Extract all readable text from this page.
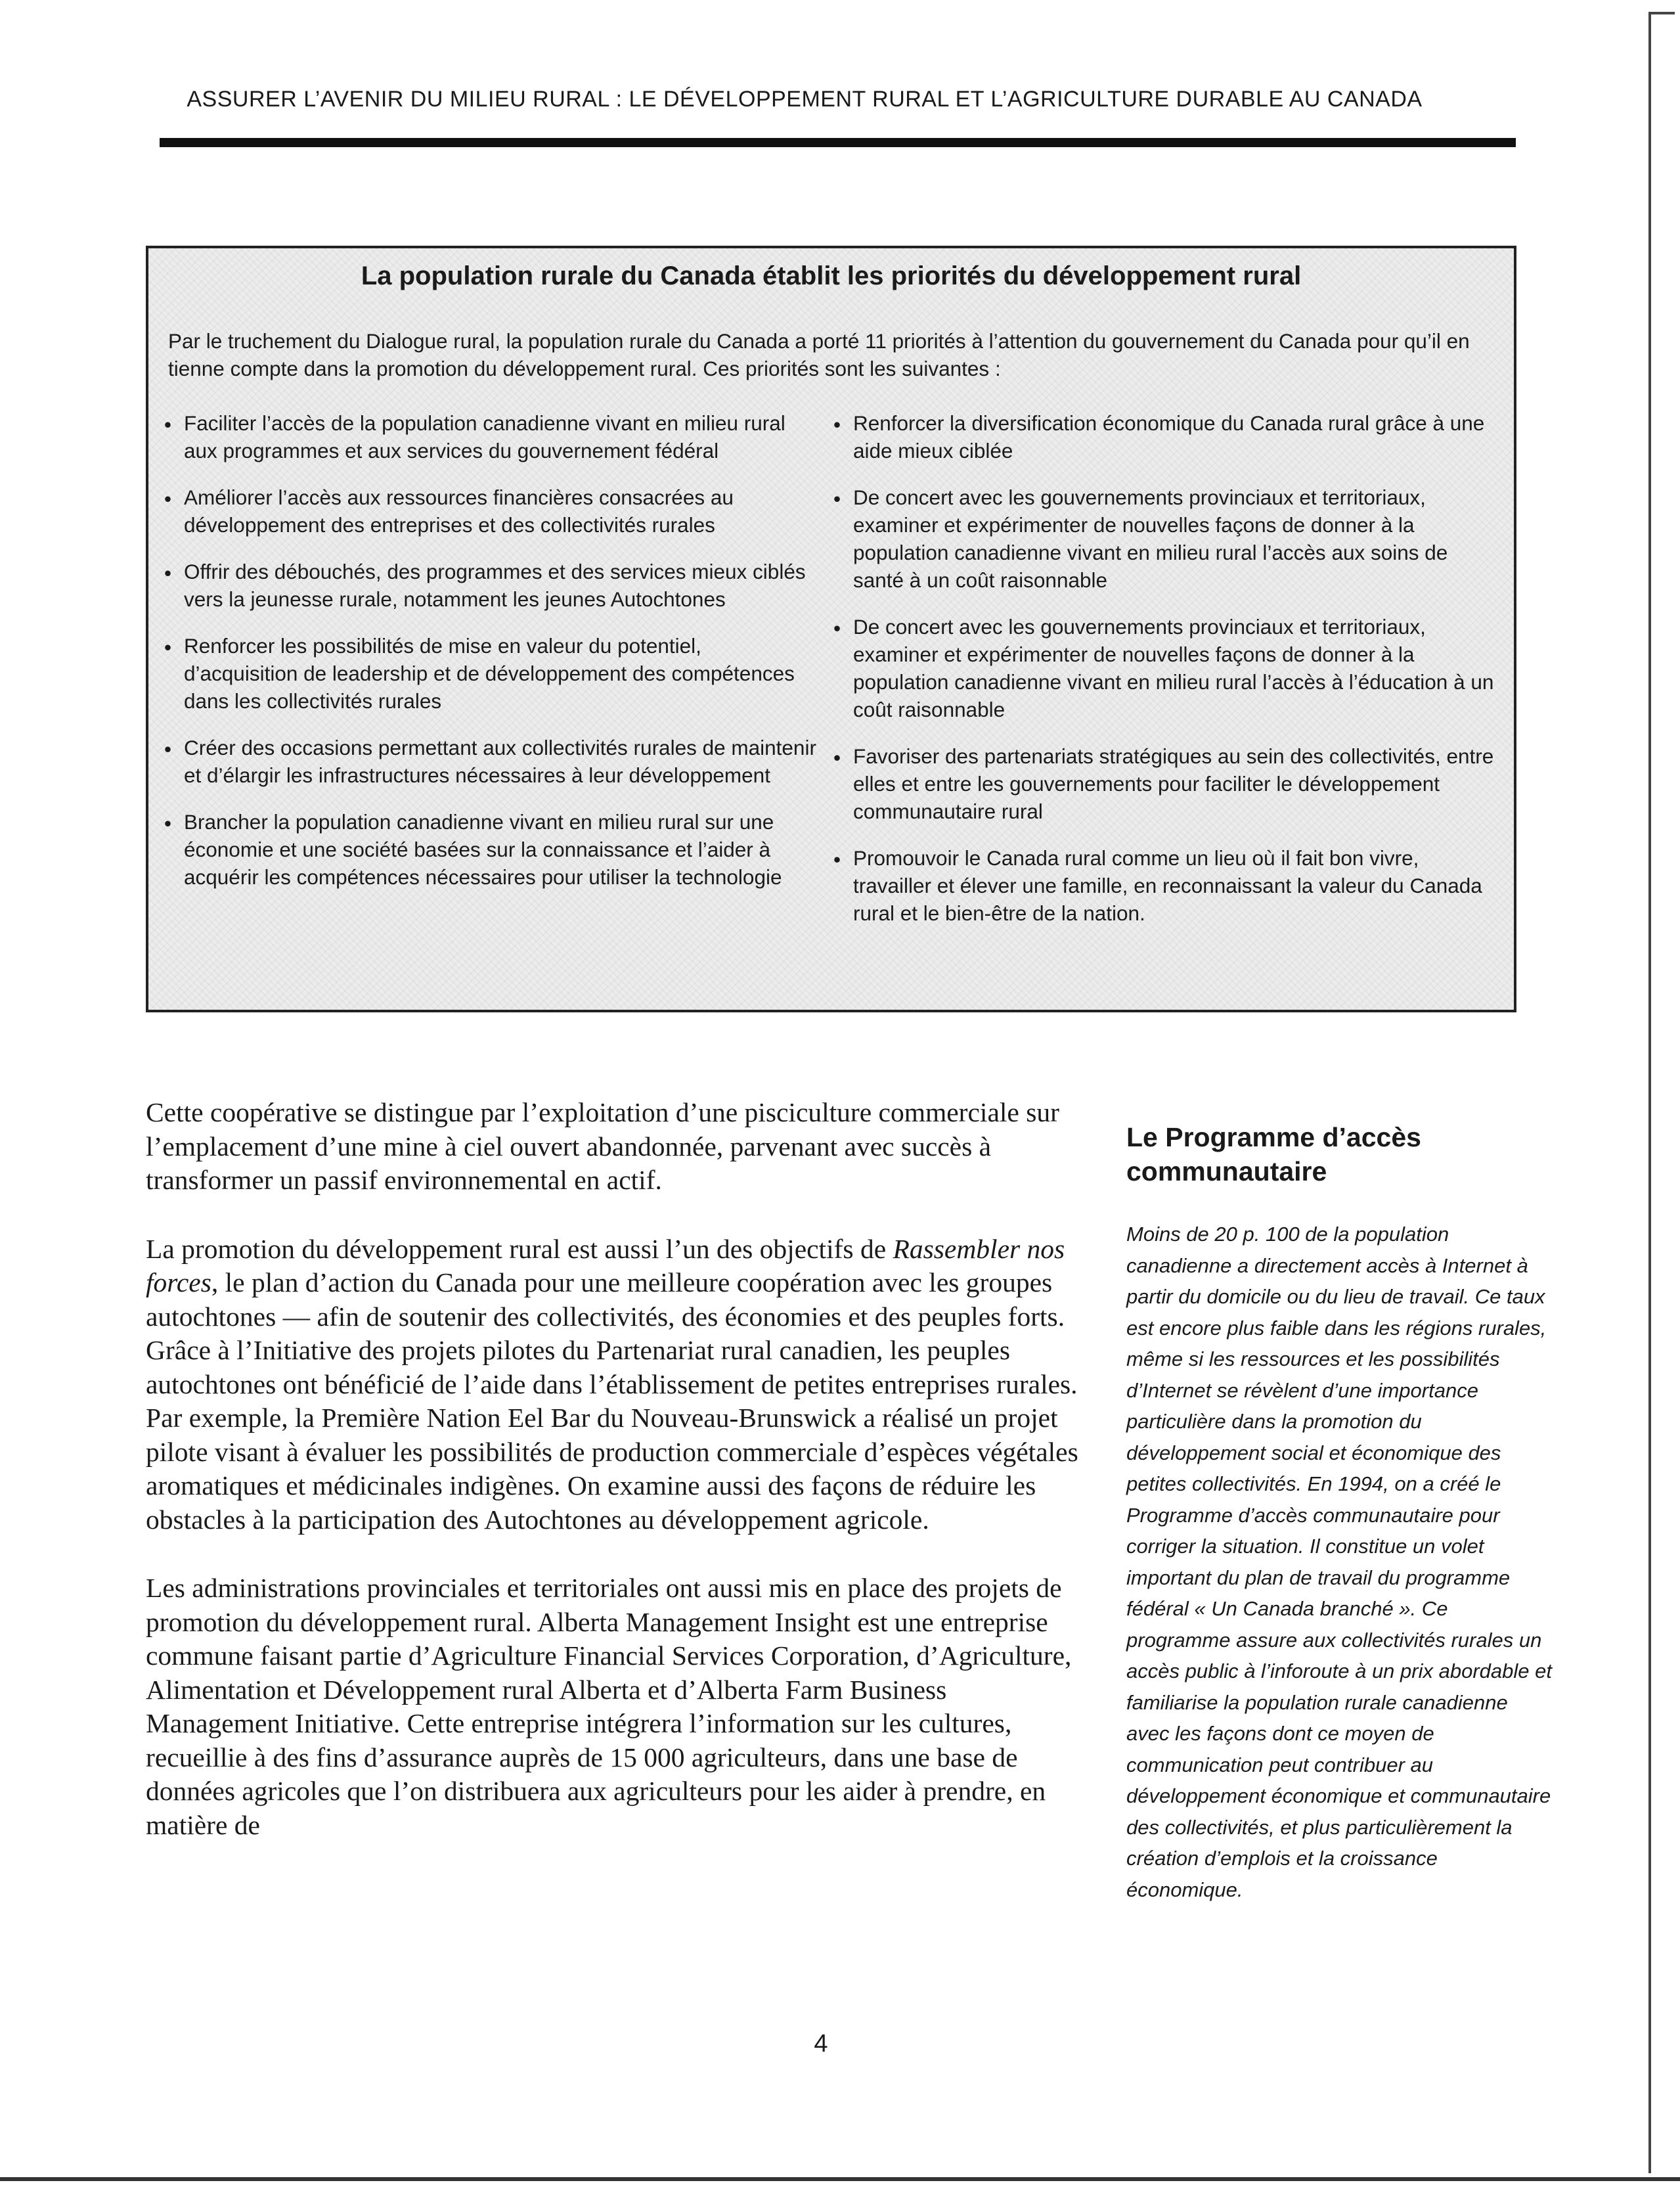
ASSURER L’AVENIR DU MILIEU RURAL : LE DÉVELOPPEMENT RURAL ET L’AGRICULTURE DURABLE AU CANADA
La population rurale du Canada établit les priorités du développement rural
Par le truchement du Dialogue rural, la population rurale du Canada a porté 11 priorités à l’attention du gouvernement du Canada pour qu’il en tienne compte dans la promotion du développement rural. Ces priorités sont les suivantes :
• Faciliter l’accès de la population canadienne vivant en milieu rural aux programmes et aux services du gouvernement fédéral
• Améliorer l’accès aux ressources financières consacrées au développement des entreprises et des collectivités rurales
• Offrir des débouchés, des programmes et des services mieux ciblés vers la jeunesse rurale, notamment les jeunes Autochtones
• Renforcer les possibilités de mise en valeur du potentiel, d’acquisition de leadership et de développement des compétences dans les collectivités rurales
• Créer des occasions permettant aux collectivités rurales de maintenir et d’élargir les infrastructures nécessaires à leur développement
• Brancher la population canadienne vivant en milieu rural sur une économie et une société basées sur la connaissance et l’aider à acquérir les compétences nécessaires pour utiliser la technologie
• Renforcer la diversification économique du Canada rural grâce à une aide mieux ciblée
• De concert avec les gouvernements provinciaux et territoriaux, examiner et expérimenter de nouvelles façons de donner à la population canadienne vivant en milieu rural l’accès aux soins de santé à un coût raisonnable
• De concert avec les gouvernements provinciaux et territoriaux, examiner et expérimenter de nouvelles façons de donner à la population canadienne vivant en milieu rural l’accès à l’éducation à un coût raisonnable
• Favoriser des partenariats stratégiques au sein des collectivités, entre elles et entre les gouvernements pour faciliter le développement communautaire rural
• Promouvoir le Canada rural comme un lieu où il fait bon vivre, travailler et élever une famille, en reconnaissant la valeur du Canada rural et le bien-être de la nation.

Cette coopérative se distingue par l’exploitation d’une pisciculture commerciale sur l’emplacement d’une mine à ciel ouvert abandonnée, parvenant avec succès à transformer un passif environnemental en actif.

La promotion du développement rural est aussi l’un des objectifs de Rassembler nos forces, le plan d’action du Canada pour une meilleure coopération avec les groupes autochtones — afin de soutenir des collectivités, des économies et des peuples forts. Grâce à l’Initiative des projets pilotes du Partenariat rural canadien, les peuples autochtones ont bénéficié de l’aide dans l’établissement de petites entreprises rurales. Par exemple, la Première Nation Eel Bar du Nouveau-Brunswick a réalisé un projet pilote visant à évaluer les possibilités de production commerciale d’espèces végétales aromatiques et médicinales indigènes. On examine aussi des façons de réduire les obstacles à la participation des Autochtones au développement agricole.

Les administrations provinciales et territoriales ont aussi mis en place des projets de promotion du développement rural. Alberta Management Insight est une entreprise commune faisant partie d’Agriculture Financial Services Corporation, d’Agriculture, Alimentation et Développement rural Alberta et d’Alberta Farm Business Management Initiative. Cette entreprise intégrera l’information sur les cultures, recueillie à des fins d’assurance auprès de 15 000 agriculteurs, dans une base de données agricoles que l’on distribuera aux agriculteurs pour les aider à prendre, en matière de

Le Programme d’accès communautaire
Moins de 20 p. 100 de la population canadienne a directement accès à Internet à partir du domicile ou du lieu de travail. Ce taux est encore plus faible dans les régions rurales, même si les ressources et les possibilités d’Internet se révèlent d’une importance particulière dans la promotion du développement social et économique des petites collectivités. En 1994, on a créé le Programme d’accès communautaire pour corriger la situation. Il constitue un volet important du plan de travail du programme fédéral « Un Canada branché ». Ce programme assure aux collectivités rurales un accès public à l’inforoute à un prix abordable et familiarise la population rurale canadienne avec les façons dont ce moyen de communication peut contribuer au développement économique et communautaire des collectivités, et plus particulièrement la création d’emplois et la croissance économique.
4
